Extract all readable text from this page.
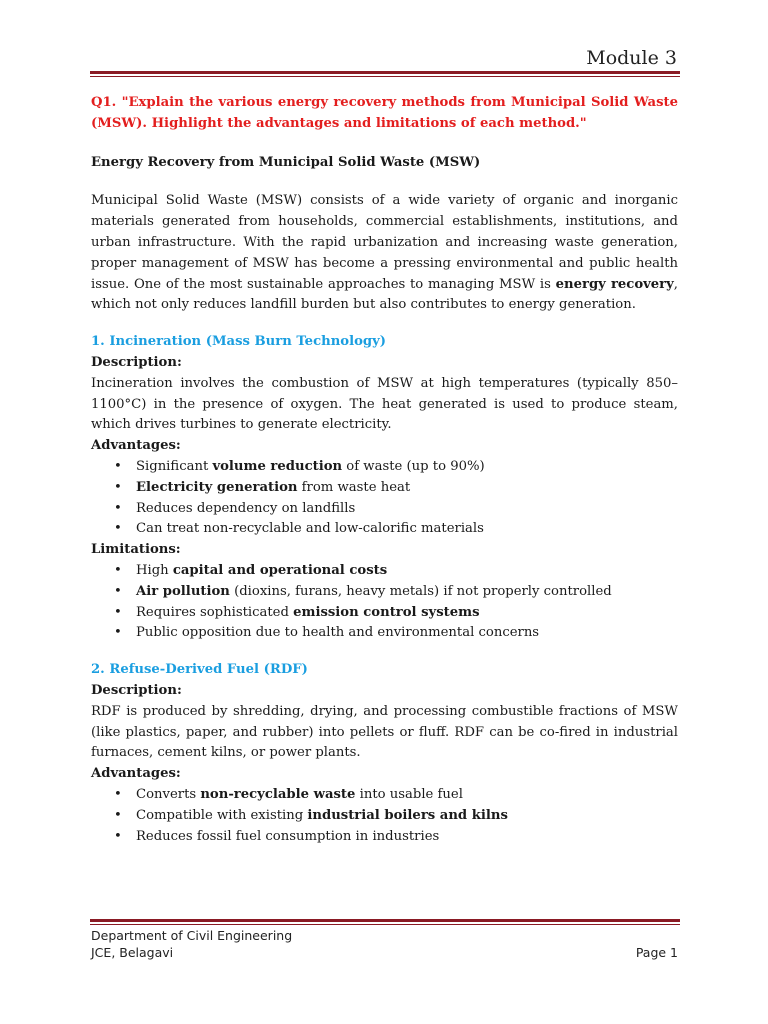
Module 3

Q1. "Explain the various energy recovery methods from Municipal Solid Waste (MSW). Highlight the advantages and limitations of each method."

Energy Recovery from Municipal Solid Waste (MSW)

Municipal Solid Waste (MSW) consists of a wide variety of organic and inorganic materials generated from households, commercial establishments, institutions, and urban infrastructure. With the rapid urbanization and increasing waste generation, proper management of MSW has become a pressing environmental and public health issue. One of the most sustainable approaches to managing MSW is energy recovery, which not only reduces landfill burden but also contributes to energy generation.

1. Incineration (Mass Burn Technology)

Description:

Incineration involves the combustion of MSW at high temperatures (typically 850–1100°C) in the presence of oxygen. The heat generated is used to produce steam, which drives turbines to generate electricity.

Advantages:

• Significant volume reduction of waste (up to 90%)
• Electricity generation from waste heat
• Reduces dependency on landfills
• Can treat non-recyclable and low-calorific materials

Limitations:

• High capital and operational costs
• Air pollution (dioxins, furans, heavy metals) if not properly controlled
• Requires sophisticated emission control systems
• Public opposition due to health and environmental concerns

2. Refuse-Derived Fuel (RDF)

Description:

RDF is produced by shredding, drying, and processing combustible fractions of MSW (like plastics, paper, and rubber) into pellets or fluff. RDF can be co-fired in industrial furnaces, cement kilns, or power plants.

Advantages:

• Converts non-recyclable waste into usable fuel
• Compatible with existing industrial boilers and kilns
• Reduces fossil fuel consumption in industries
Department of Civil Engineering
JCE, Belagavi	Page 1
